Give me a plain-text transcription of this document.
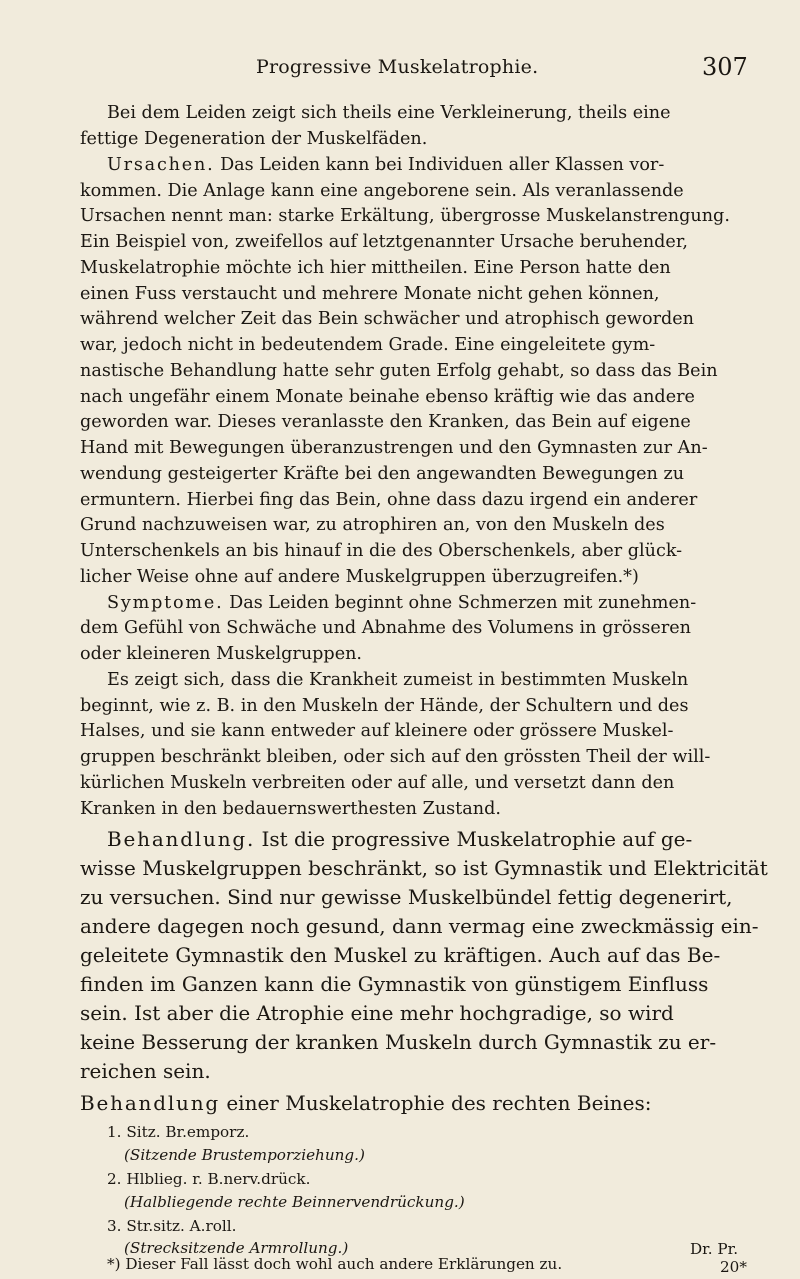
Progressive Muskelatrophie.	307
Bei dem Leiden zeigt sich theils eine Verkleinerung, theils eine
fettige Degeneration der Muskelfäden.
Ursachen. Das Leiden kann bei Individuen aller Klassen vor-
kommen. Die Anlage kann eine angeborene sein. Als veranlassende
Ursachen nennt man: starke Erkältung, übergrosse Muskelanstrengung.
Ein Beispiel von, zweifellos auf letztgenannter Ursache beruhender,
Muskelatrophie möchte ich hier mittheilen. Eine Person hatte den
einen Fuss verstaucht und mehrere Monate nicht gehen können,
während welcher Zeit das Bein schwächer und atrophisch geworden
war, jedoch nicht in bedeutendem Grade. Eine eingeleitete gym-
nastische Behandlung hatte sehr guten Erfolg gehabt, so dass das Bein
nach ungefähr einem Monate beinahe ebenso kräftig wie das andere
geworden war. Dieses veranlasste den Kranken, das Bein auf eigene
Hand mit Bewegungen überanzustrengen und den Gymnasten zur An-
wendung gesteigerter Kräfte bei den angewandten Bewegungen zu
ermuntern. Hierbei fing das Bein, ohne dass dazu irgend ein anderer
Grund nachzuweisen war, zu atrophiren an, von den Muskeln des
Unterschenkels an bis hinauf in die des Oberschenkels, aber glück-
licher Weise ohne auf andere Muskelgruppen überzugreifen.*)
Symptome. Das Leiden beginnt ohne Schmerzen mit zunehmen-
dem Gefühl von Schwäche und Abnahme des Volumens in grösseren
oder kleineren Muskelgruppen.
Es zeigt sich, dass die Krankheit zumeist in bestimmten Muskeln
beginnt, wie z. B. in den Muskeln der Hände, der Schultern und des
Halses, und sie kann entweder auf kleinere oder grössere Muskel-
gruppen beschränkt bleiben, oder sich auf den grössten Theil der will-
kürlichen Muskeln verbreiten oder auf alle, und versetzt dann den
Kranken in den bedauernswerthesten Zustand.
Behandlung. Ist die progressive Muskelatrophie auf ge-
wisse Muskelgruppen beschränkt, so ist Gymnastik und Elektricität
zu versuchen. Sind nur gewisse Muskelbündel fettig degenerirt,
andere dagegen noch gesund, dann vermag eine zweckmässig ein-
geleitete Gymnastik den Muskel zu kräftigen. Auch auf das Be-
finden im Ganzen kann die Gymnastik von günstigem Einfluss
sein. Ist aber die Atrophie eine mehr hochgradige, so wird
keine Besserung der kranken Muskeln durch Gymnastik zu er-
reichen sein.
Behandlung einer Muskelatrophie des rechten Beines:
1. Sitz. Br.emporz.
(Sitzende Brustemporziehung.)
2. Hlblieg. r. B.nerv.drück.
(Halbliegende rechte Beinnervendrückung.)
3. Str.sitz. A.roll.
(Strecksitzende Armrollung.)
*) Dieser Fall lässt doch wohl auch andere Erklärungen zu.
Dr. Pr.
20*
